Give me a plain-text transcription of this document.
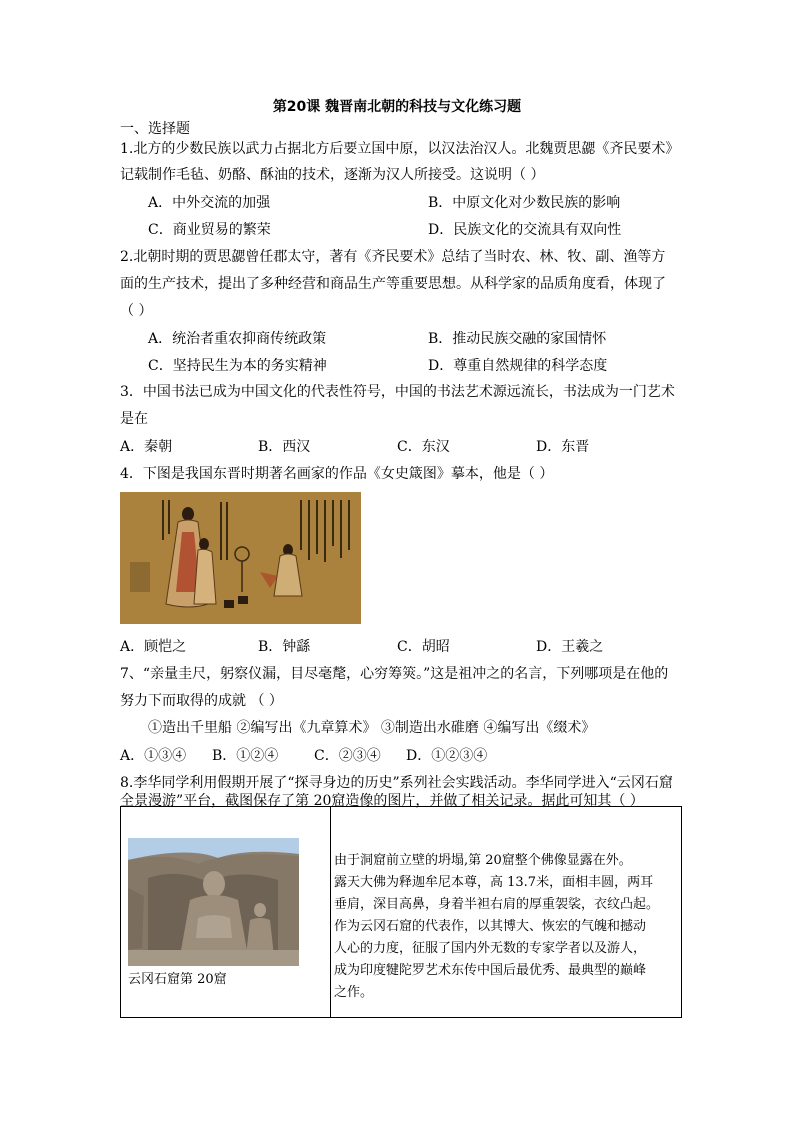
第20课 魏晋南北朝的科技与文化练习题
一、选择题
1.北方的少数民族以武力占据北方后要立国中原，以汉法治汉人。北魏贾思勰《齐民要术》
记载制作毛毡、奶酪、酥油的技术，逐渐为汉人所接受。这说明（ ）
A．中外交流的加强	B．中原文化对少数民族的影响
C．商业贸易的繁荣	D．民族文化的交流具有双向性
2.北朝时期的贾思勰曾任郡太守，著有《齐民要术》总结了当时农、林、牧、副、渔等方
面的生产技术，提出了多种经营和商品生产等重要思想。从科学家的品质角度看，体现了
（ ）
A．统治者重农抑商传统政策	B．推动民族交融的家国情怀
C．坚持民生为本的务实精神	D．尊重自然规律的科学态度
3．中国书法已成为中国文化的代表性符号，中国的书法艺术源远流长，书法成为一门艺术
是在
A．秦朝	B．西汉	C．东汉	D．东晋
4．下图是我国东晋时期著名画家的作品《女史箴图》摹本，他是（ ）
A．顾恺之	B．钟繇	C．胡昭	D．王羲之
7、“亲量圭尺，躬察仪漏，目尽毫氂，心穷筹筴。”这是祖冲之的名言，下列哪项是在他的
努力下而取得的成就 （ ）
①造出千里船 ②编写出《九章算术》 ③制造出水碓磨 ④编写出《缀术》
A．①③④ B．①②④	C．②③④ D．①②③④
8.李华同学利用假期开展了“探寻身边的历史”系列社会实践活动。李华同学进入“云冈石窟
全景漫游”平台，截图保存了第 20窟造像的图片，并做了相关记录。据此可知其（ ）

云冈石窟第 20窟
由于洞窟前立壁的坍塌,第 20窟整个佛像显露在外。
露天大佛为释迦牟尼本尊，高 13.7米，面相丰圆，两耳
垂肩，深目高鼻，身着半袒右肩的厚重袈裟，衣纹凸起。
作为云冈石窟的代表作，以其博大、恢宏的气魄和撼动
人心的力度，征服了国内外无数的专家学者以及游人，
成为印度犍陀罗艺术东传中国后最优秀、最典型的巅峰
之作。
